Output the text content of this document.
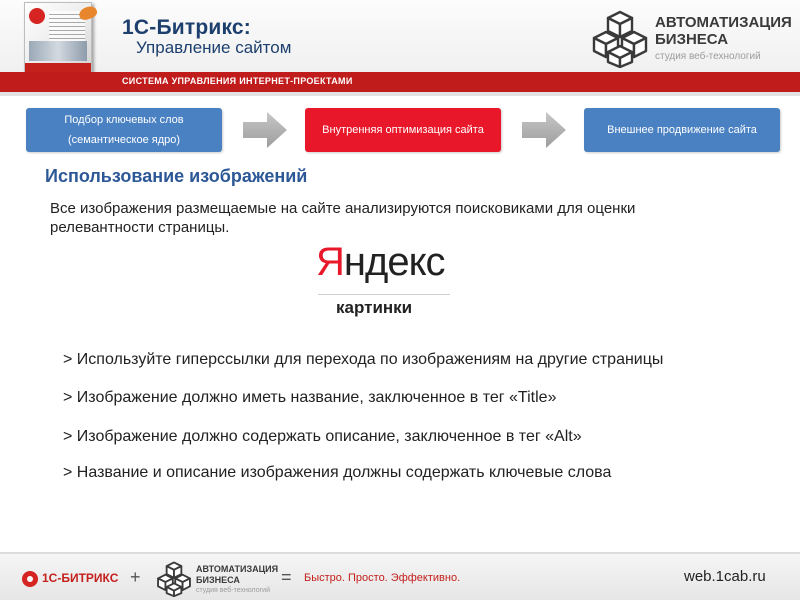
1С-Битрикс:
Управление сайтом
АВТОМАТИЗАЦИЯ
БИЗНЕСА
студия веб-технологий
СИСТЕМА УПРАВЛЕНИЯ ИНТЕРНЕТ-ПРОЕКТАМИ
Подбор ключевых слов
(семантическое ядро)
Внутренняя оптимизация сайта	Внешнее продвижение сайта
Использование изображений
Все изображения размещаемые на сайте анализируются поисковиками для оценки релевантности страницы.
Яндекс
картинки
> Используйте гиперссылки для перехода по изображениям на другие страницы
> Изображение должно иметь название, заключенное в тег «Title»
> Изображение должно содержать описание, заключенное в тег «Alt»
> Название и описание изображения должны содержать ключевые слова
1С-БИТРИКС +	АВТОМАТИЗАЦИЯ
БИЗНЕСА
студия веб-технологий
= Быстро. Просто. Эффективно.	web.1cab.ru
